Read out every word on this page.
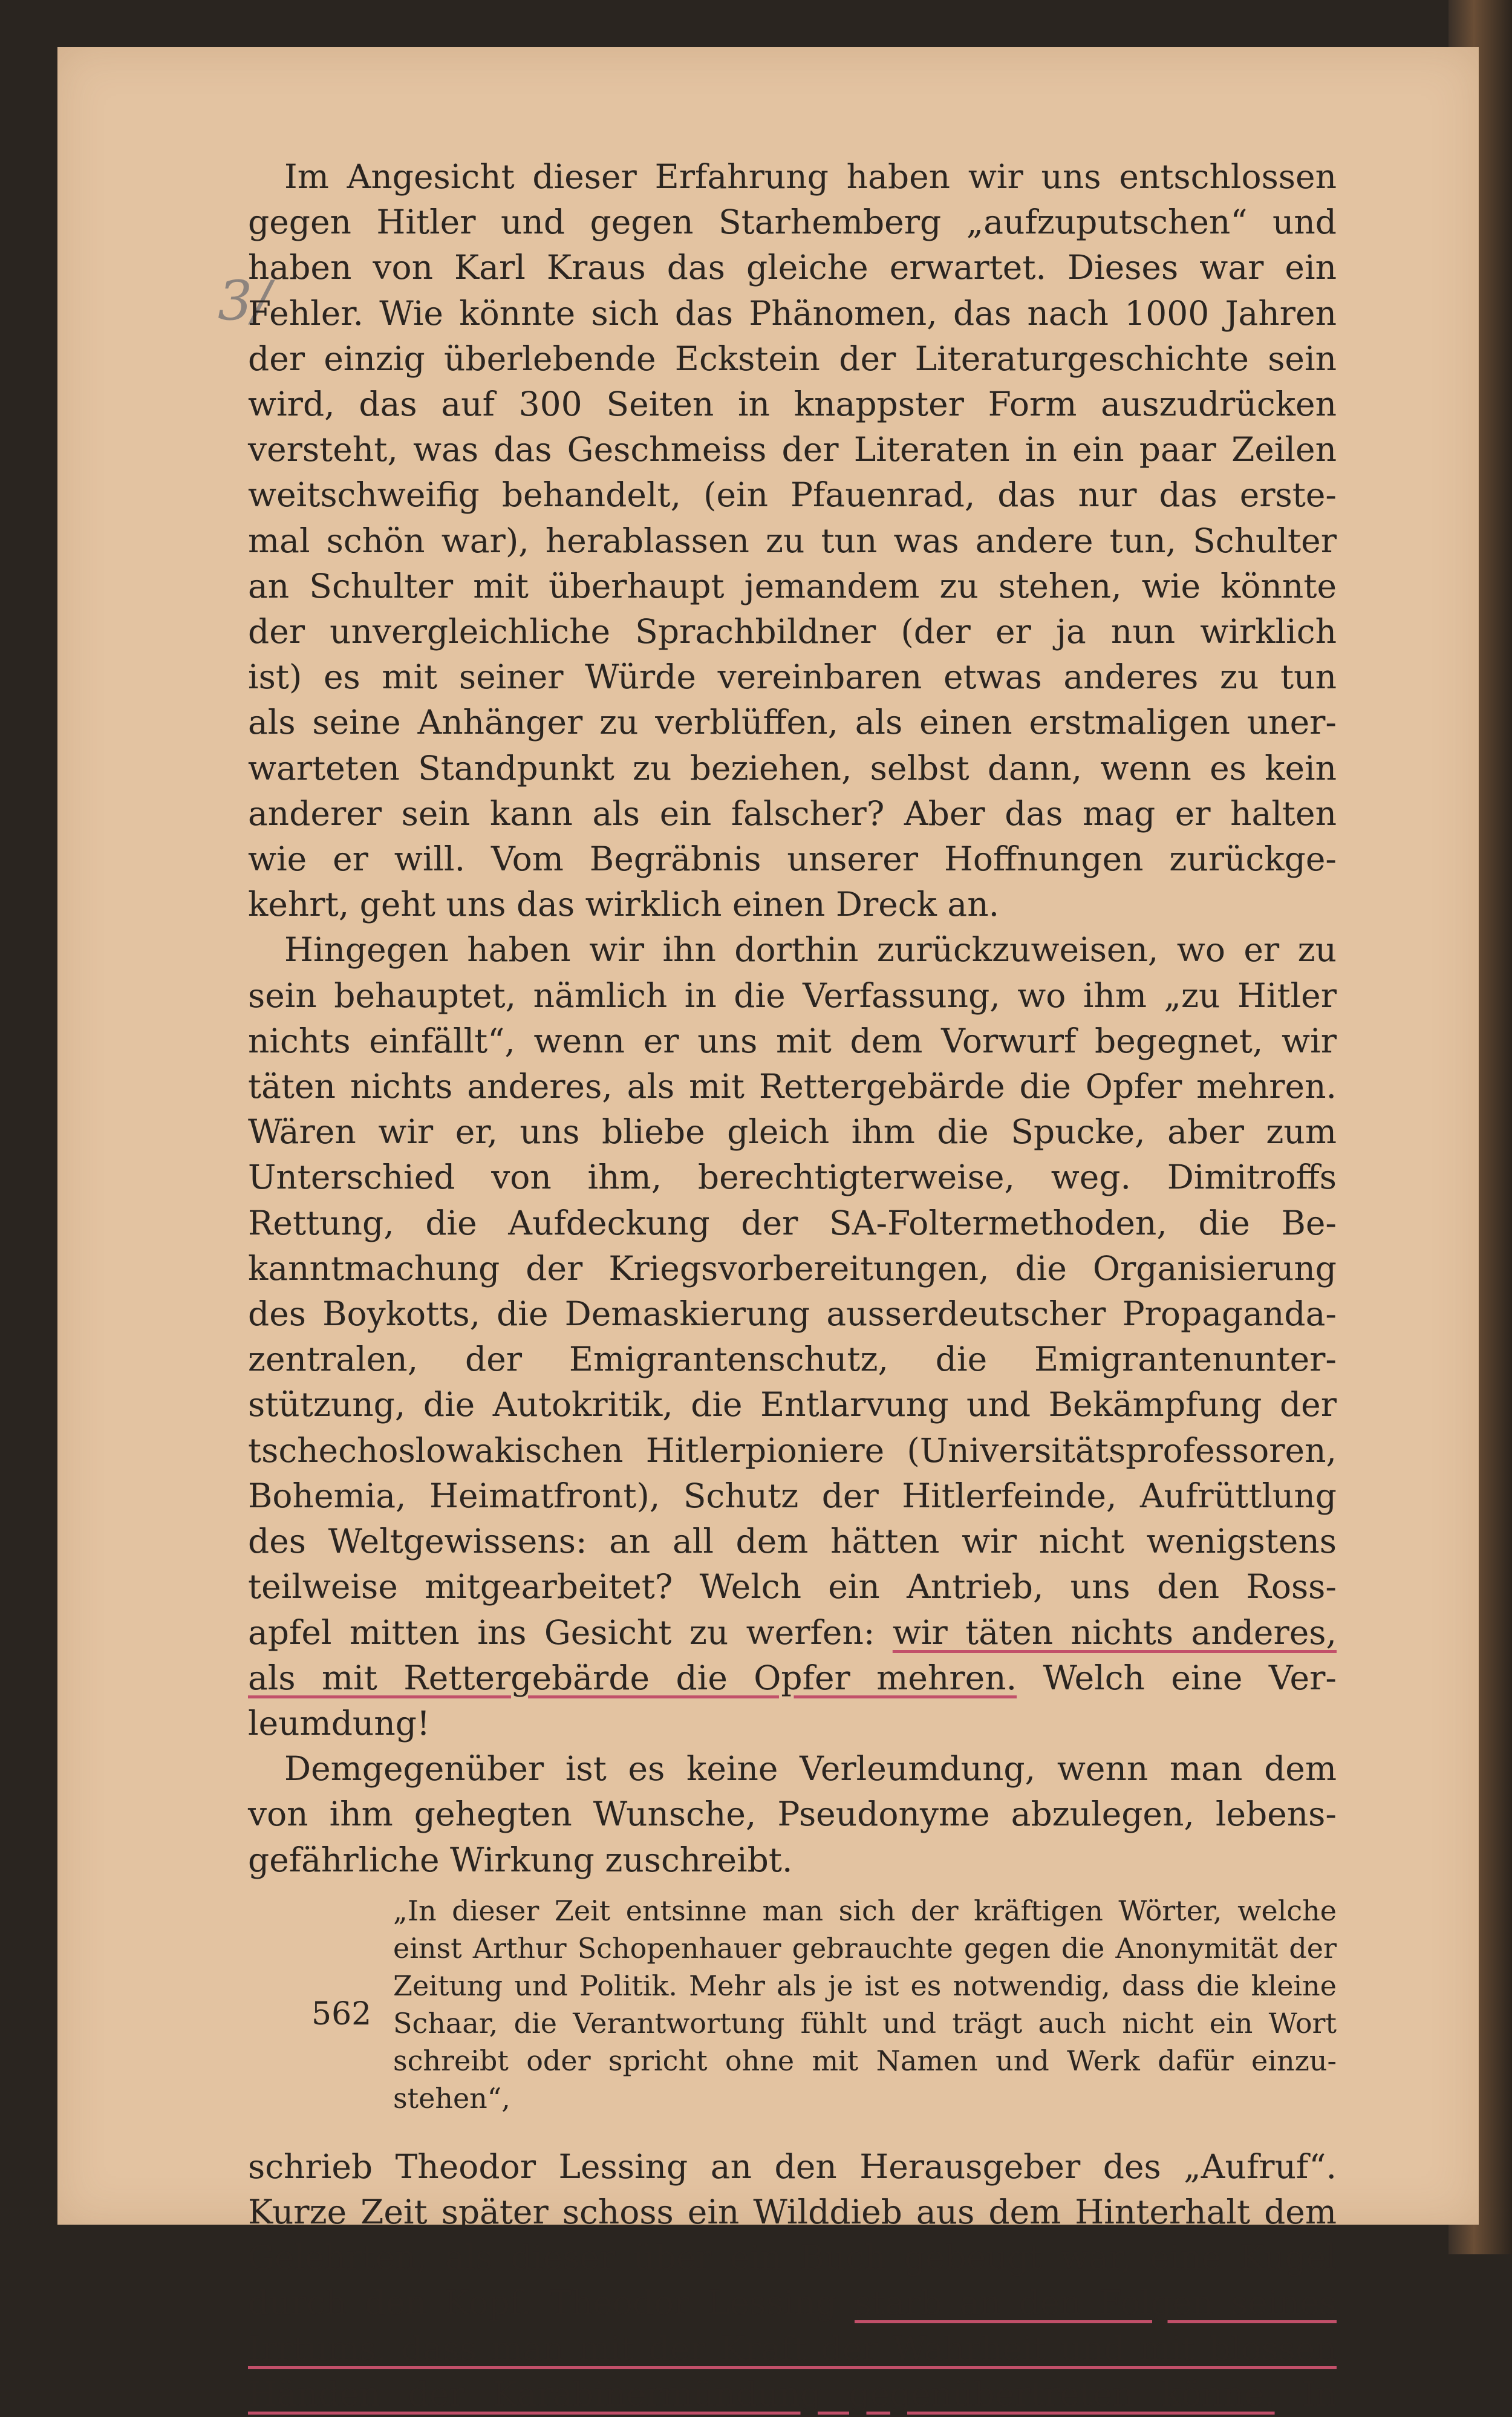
3/

Im Angesicht dieser Erfahrung haben wir uns entschlossen
gegen Hitler und gegen Starhemberg „aufzuputschen“ und
haben von Karl Kraus das gleiche erwartet. Dieses war ein
Fehler. Wie könnte sich das Phänomen, das nach 1000 Jahren
der einzig überlebende Eckstein der Literaturgeschichte sein
wird, das auf 300 Seiten in knappster Form auszudrücken
versteht, was das Geschmeiss der Literaten in ein paar Zeilen
weitschweifig behandelt, (ein Pfauenrad, das nur das erste-
mal schön war), herablassen zu tun was andere tun, Schulter
an Schulter mit überhaupt jemandem zu stehen, wie könnte
der unvergleichliche Sprachbildner (der er ja nun wirklich
ist) es mit seiner Würde vereinbaren etwas anderes zu tun
als seine Anhänger zu verblüffen, als einen erstmaligen uner-
warteten Standpunkt zu beziehen, selbst dann, wenn es kein
anderer sein kann als ein falscher? Aber das mag er halten
wie er will. Vom Begräbnis unserer Hoffnungen zurückge-
kehrt, geht uns das wirklich einen Dreck an.

Hingegen haben wir ihn dorthin zurückzuweisen, wo er zu
sein behauptet, nämlich in die Verfassung, wo ihm „zu Hitler
nichts einfällt“, wenn er uns mit dem Vorwurf begegnet, wir
täten nichts anderes, als mit Rettergebärde die Opfer mehren.
Wären wir er, uns bliebe gleich ihm die Spucke, aber zum
Unterschied von ihm, berechtigterweise, weg. Dimitroffs
Rettung, die Aufdeckung der SA-Foltermethoden, die Be-
kanntmachung der Kriegsvorbereitungen, die Organisierung
des Boykotts, die Demaskierung ausserdeutscher Propaganda-
zentralen, der Emigrantenschutz, die Emigrantenunter-
stützung, die Autokritik, die Entlarvung und Bekämpfung der
tschechoslowakischen Hitlerpioniere (Universitätsprofessoren,
Bohemia, Heimatfront), Schutz der Hitlerfeinde, Aufrüttlung
des Weltgewissens: an all dem hätten wir nicht wenigstens
teilweise mitgearbeitet? Welch ein Antrieb, uns den Ross-
apfel mitten ins Gesicht zu werfen: wir täten nichts anderes,
als mit Rettergebärde die Opfer mehren. Welch eine Ver-
leumdung!

Demgegenüber ist es keine Verleumdung, wenn man dem
von ihm gehegten Wunsche, Pseudonyme abzulegen, lebens-
gefährliche Wirkung zuschreibt.

„In dieser Zeit entsinne man sich der kräftigen Wörter, welche
einst Arthur Schopenhauer gebrauchte gegen die Anonymität der
Zeitung und Politik. Mehr als je ist es notwendig, dass die kleine
Schaar, die Verantwortung fühlt und trägt auch nicht ein Wort
schreibt oder spricht ohne mit Namen und Werk dafür einzu-
stehen“,

schrieb Theodor Lessing an den Herausgeber des „Aufruf“.
Kurze Zeit später schoss ein Wilddieb aus dem Hinterhalt dem
Gelehrten, als dieser über ein Buch gebeugt war, eine Kugel
durch den Kopf. Theodor Lessing starb an den Folgen seines
Irrtums, dass man mit der Kraft der Wahrheit und mit blossen
Händen der Karabinermündung gegenübertreten könne. In

562
